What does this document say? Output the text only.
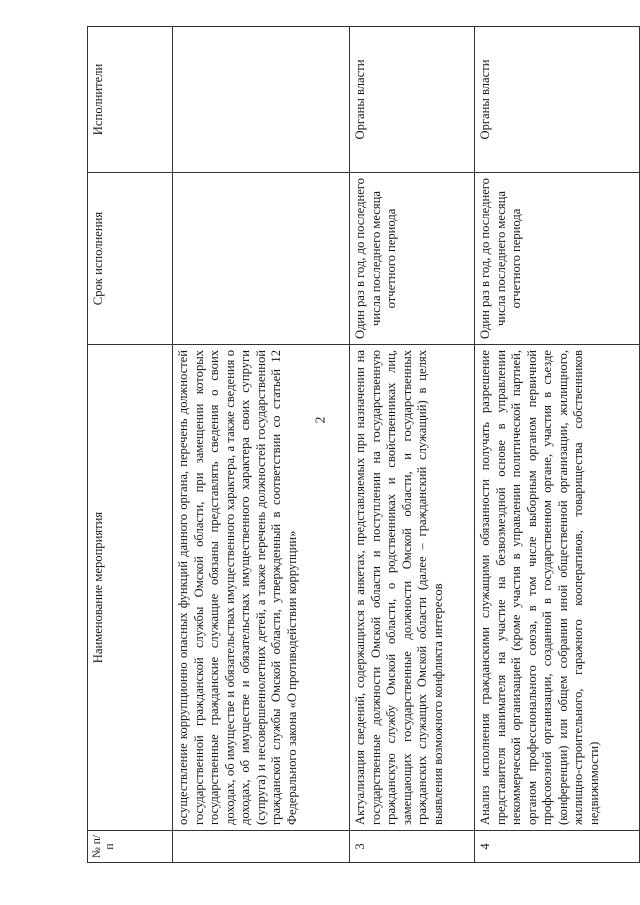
2
№ п/п	Наименование мероприятия	Срок исполнения	Исполнители
	осуществление коррупционно опасных функций данного органа, перечень должностей государственной гражданской службы Омской области, при замещении которых государственные гражданские служащие обязаны представлять сведения о своих доходах, об имуществе и обязательствах имущественного характера, а также сведения о доходах, об имуществе и обязательствах имущественного характера своих супруги (супруга) и несовершеннолетних детей, а также перечень должностей государственной гражданской службы Омской области, утвержденный в соответствии со статьей 12 Федерального закона «О противодействии коррупции»		
3	Актуализация сведений, содержащихся в анкетах, представляемых при назначении на государственные должности Омской области и поступлении на государственную гражданскую службу Омской области, о родственниках и свойственниках лиц, замещающих государственные должности Омской области, и государственных гражданских служащих Омской области (далее – гражданский служащий) в целях выявления возможного конфликта интересов	Один раз в год, до последнего числа последнего месяца отчетного периода	Органы власти
4	Анализ исполнения гражданскими служащими обязанности получать разрешение представителя нанимателя на участие на безвозмездной основе в управлении некоммерческой организацией (кроме участия в управлении политической партией, органом профессионального союза, в том числе выборным органом первичной профсоюзной организации, созданной в государственном органе, участия в съезде (конференции) или общем собрании иной общественной организации, жилищного, жилищно-строительного, гаражного кооперативов, товарищества собственников недвижимости)	Один раз в год, до последнего числа последнего месяца отчетного периода	Органы власти
